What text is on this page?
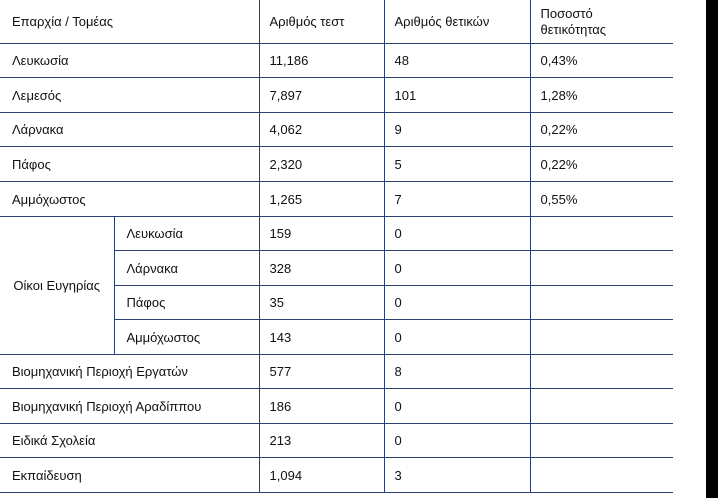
Επαρχία / Τομέας		Αριθμός τεστ	Αριθμός θετικών	Ποσοστό θετικότητας
Λευκωσία		11,186	48	0,43%
Λεμεσός		7,897	101	1,28%
Λάρνακα		4,062	9	0,22%
Πάφος		2,320	5	0,22%
Αμμόχωστος		1,265	7	0,55%
Οίκοι Ευγηρίας	Λευκωσία	159	0	
	Λάρνακα	328	0	
	Πάφος	35	0	
	Αμμόχωστος	143	0	
Βιομηχανική Περιοχή Εργατών		577	8	
Βιομηχανική Περιοχή Αραδίππου		186	0	
Ειδικά Σχολεία		213	0	
Εκπαίδευση		1,094	3	
